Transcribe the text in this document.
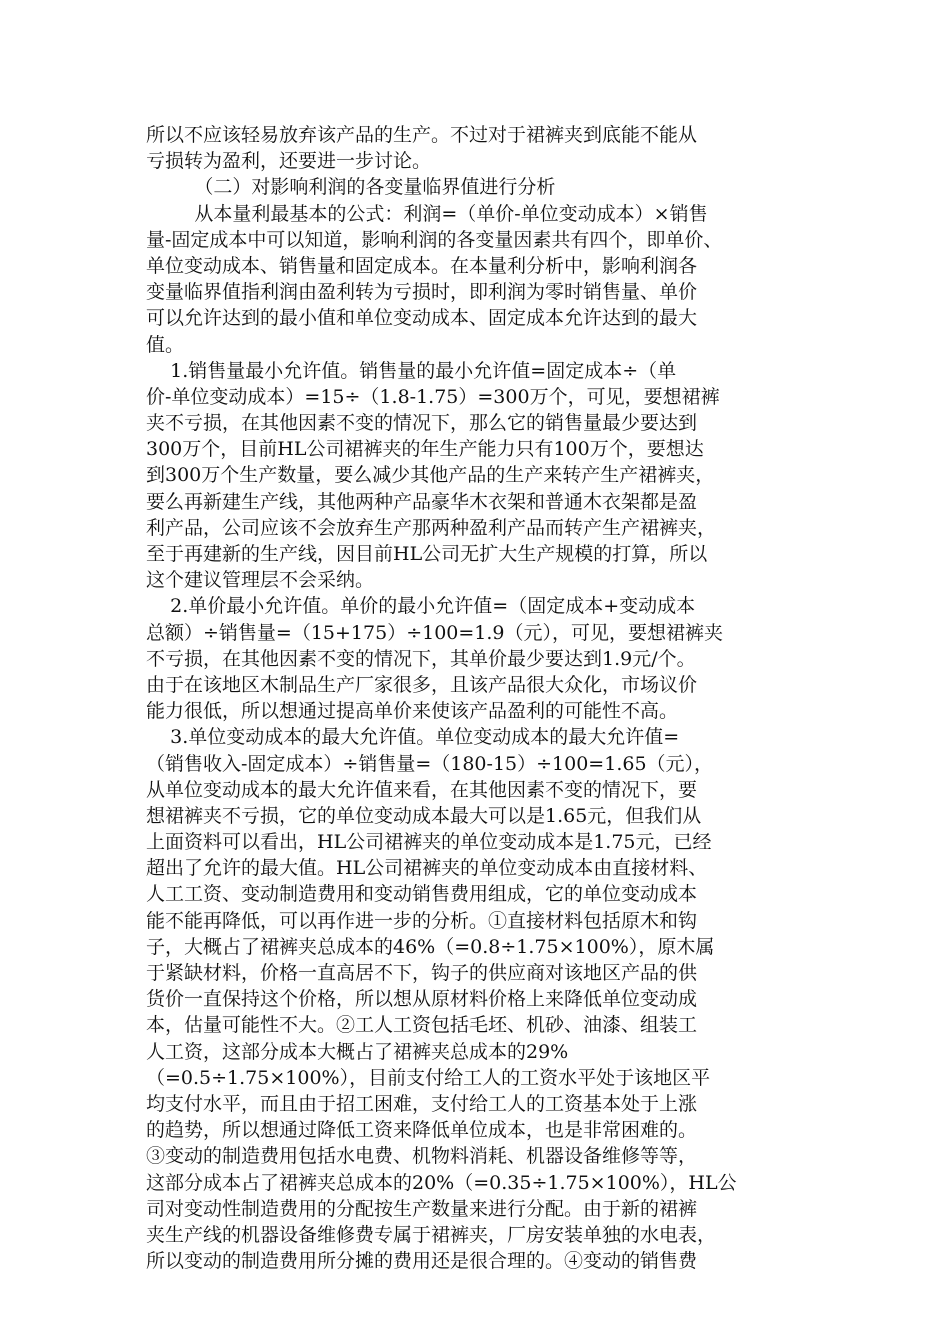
所以不应该轻易放弃该产品的生产。不过对于裙裤夹到底能不能从
亏损转为盈利，还要进一步讨论。
（二）对影响利润的各变量临界值进行分析
从本量利最基本的公式：利润=（单价-单位变动成本）×销售
量-固定成本中可以知道，影响利润的各变量因素共有四个，即单价、
单位变动成本、销售量和固定成本。在本量利分析中，影响利润各
变量临界值指利润由盈利转为亏损时，即利润为零时销售量、单价
可以允许达到的最小值和单位变动成本、固定成本允许达到的最大
值。
1.销售量最小允许值。销售量的最小允许值=固定成本÷（单
价-单位变动成本）=15÷（1.8-1.75）=300万个，可见，要想裙裤
夹不亏损，在其他因素不变的情况下，那么它的销售量最少要达到
300万个，目前HL公司裙裤夹的年生产能力只有100万个，要想达
到300万个生产数量，要么减少其他产品的生产来转产生产裙裤夹，
要么再新建生产线，其他两种产品豪华木衣架和普通木衣架都是盈
利产品，公司应该不会放弃生产那两种盈利产品而转产生产裙裤夹，
至于再建新的生产线，因目前HL公司无扩大生产规模的打算，所以
这个建议管理层不会采纳。
2.单价最小允许值。单价的最小允许值=（固定成本+变动成本
总额）÷销售量=（15+175）÷100=1.9（元），可见，要想裙裤夹
不亏损，在其他因素不变的情况下，其单价最少要达到1.9元/个。
由于在该地区木制品生产厂家很多，且该产品很大众化，市场议价
能力很低，所以想通过提高单价来使该产品盈利的可能性不高。
3.单位变动成本的最大允许值。单位变动成本的最大允许值=
（销售收入-固定成本）÷销售量=（180-15）÷100=1.65（元），
从单位变动成本的最大允许值来看，在其他因素不变的情况下，要
想裙裤夹不亏损，它的单位变动成本最大可以是1.65元，但我们从
上面资料可以看出，HL公司裙裤夹的单位变动成本是1.75元，已经
超出了允许的最大值。HL公司裙裤夹的单位变动成本由直接材料、
人工工资、变动制造费用和变动销售费用组成，它的单位变动成本
能不能再降低，可以再作进一步的分析。①直接材料包括原木和钩
子，大概占了裙裤夹总成本的46%（=0.8÷1.75×100%），原木属
于紧缺材料，价格一直高居不下，钩子的供应商对该地区产品的供
货价一直保持这个价格，所以想从原材料价格上来降低单位变动成
本，估量可能性不大。②工人工资包括毛坯、机砂、油漆、组装工
人工资，这部分成本大概占了裙裤夹总成本的29%
（=0.5÷1.75×100%），目前支付给工人的工资水平处于该地区平
均支付水平，而且由于招工困难，支付给工人的工资基本处于上涨
的趋势，所以想通过降低工资来降低单位成本，也是非常困难的。
③变动的制造费用包括水电费、机物料消耗、机器设备维修等等，
这部分成本占了裙裤夹总成本的20%（=0.35÷1.75×100%），HL公
司对变动性制造费用的分配按生产数量来进行分配。由于新的裙裤
夹生产线的机器设备维修费专属于裙裤夹，厂房安装单独的水电表，
所以变动的制造费用所分摊的费用还是很合理的。④变动的销售费
